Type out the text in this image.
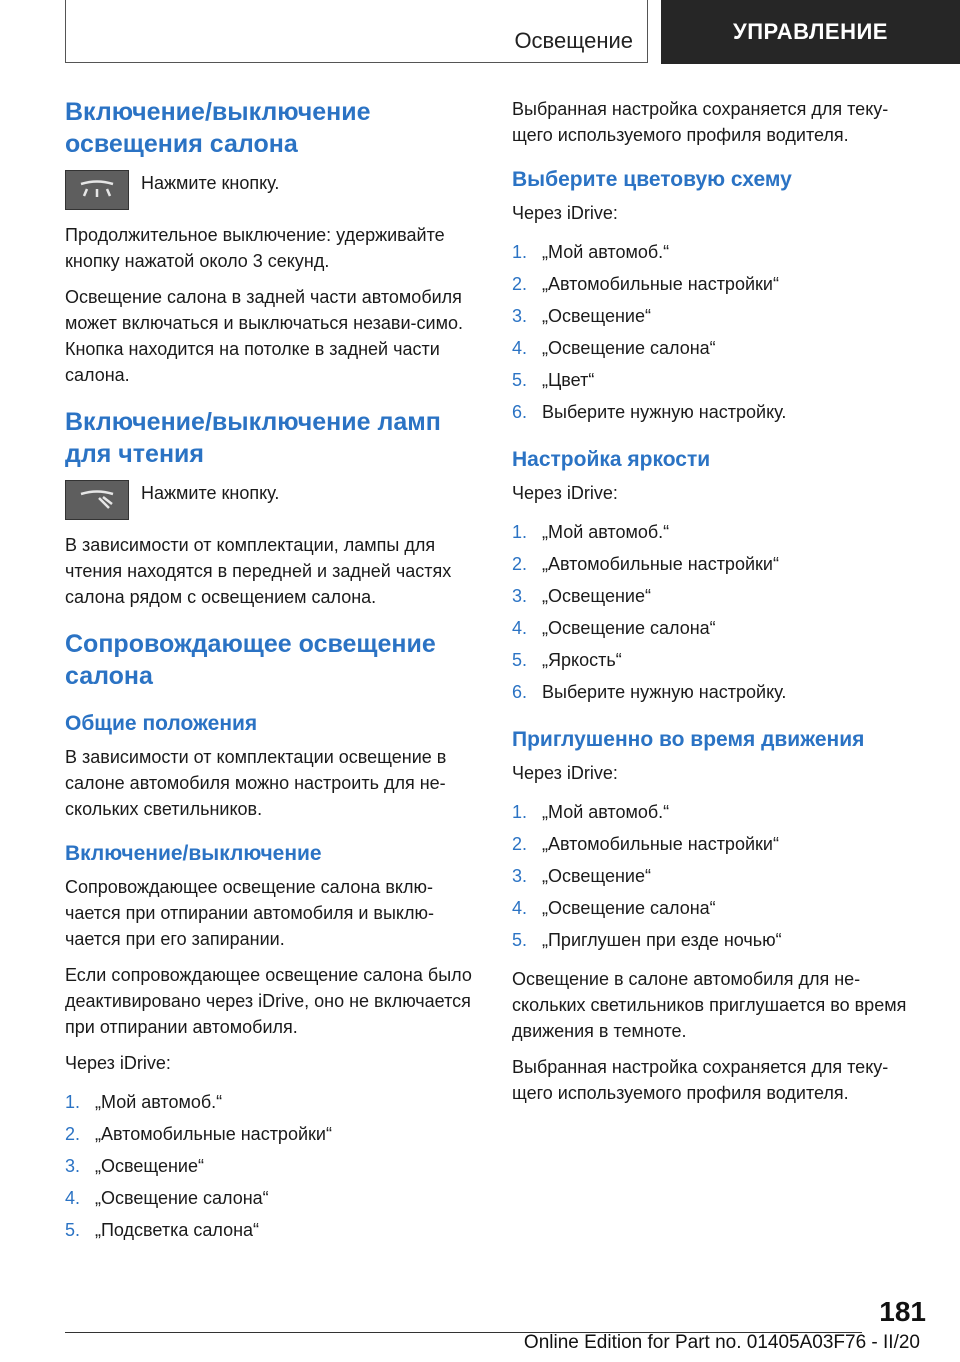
Освещение	УПРАВЛЕНИЕ
Включение/выключение освещения салона

Нажмите кнопку.

Продолжительное выключение: удерживайте кнопку нажатой около 3 секунд.

Освещение салона в задней части автомобиля может включаться и выключаться незави-симо. Кнопка находится на потолке в задней части салона.

Включение/выключение ламп для чтения

Нажмите кнопку.

В зависимости от комплектации, лампы для чтения находятся в передней и задней частях салона рядом с освещением салона.

Сопровождающее освещение салона
Общие положения

В зависимости от комплектации освещение в салоне автомобиля можно настроить для не-скольких светильников.

Включение/выключение

Сопровождающее освещение салона вклю-чается при отпирании автомобиля и выклю-чается при его запирании.

Если сопровождающее освещение салона было деактивировано через iDrive, оно не включается при отпирании автомобиля.

Через iDrive:

1. „Мой автомоб.“
2. „Автомобильные настройки“
3. „Освещение“
4. „Освещение салона“
5. „Подсветка салона“

Выбранная настройка сохраняется для теку-щего используемого профиля водителя.

Выберите цветовую схему

Через iDrive:

1. „Мой автомоб.“
2. „Автомобильные настройки“
3. „Освещение“
4. „Освещение салона“
5. „Цвет“
6. Выберите нужную настройку.
Настройка яркости

Через iDrive:

1. „Мой автомоб.“
2. „Автомобильные настройки“
3. „Освещение“
4. „Освещение салона“
5. „Яркость“
6. Выберите нужную настройку.
Приглушенно во время движения

Через iDrive:

1. „Мой автомоб.“
2. „Автомобильные настройки“
3. „Освещение“
4. „Освещение салона“
5. „Приглушен при езде ночью“

Освещение в салоне автомобиля для не-скольких светильников приглушается во время движения в темноте.

Выбранная настройка сохраняется для теку-щего используемого профиля водителя.

181
Online Edition for Part no. 01405A03F76 - II/20
